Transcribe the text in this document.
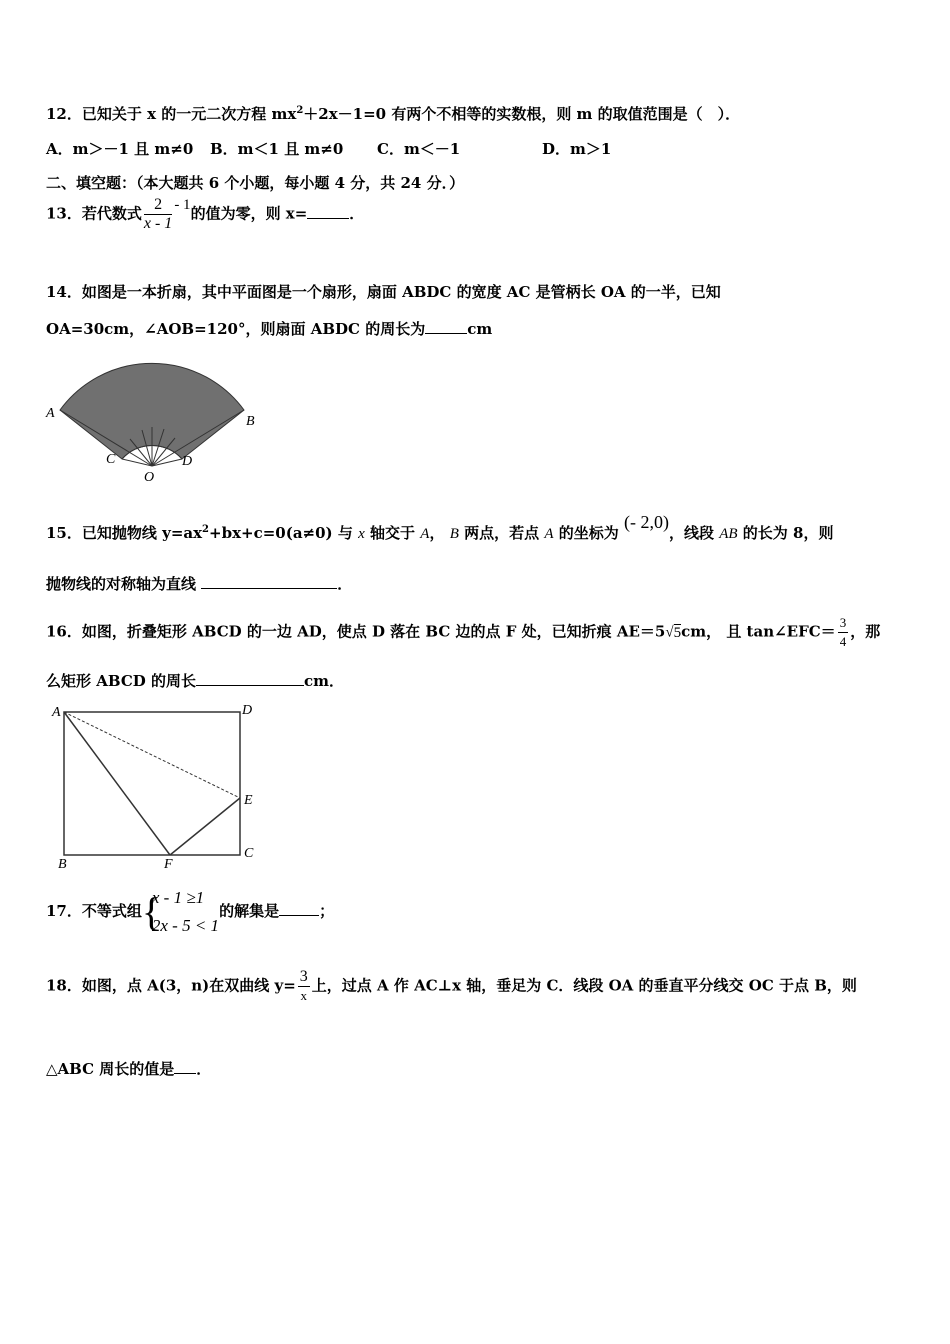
12．已知关于 x 的一元二次方程 $mx^2+2x-1=0$ 有两个不相等的实数根，则 m 的取值范围是（　）．
A．m＞－1 且 m≠0 B．m＜1 且 m≠0 C．m＜－1	D．m＞1
二、填空题：（本大题共 6 个小题，每小题 4 分，共 24 分．）
13．若代数式 $\frac{2}{x - 1} - 1$的值为零，则 x=	．
14．如图是一本折扇，其中平面图是一个扇形，扇面 ABDC 的宽度 AC 是管柄长 OA 的一半，已知
OA=30cm，∠AOB=120°，则扇面 ABDC 的周长为	cm
A
B
C	D
O
15．已知抛物线 $y=ax^2+bx+c=0(a\ne 0)$ 与 x 轴交于 A， B 两点，若点 A 的坐标为 (- 2,0)，线段 AB 的长为 8，则
抛物线的对称轴为直线	．
16．如图，折叠矩形 ABCD 的一边 AD，使点 D 落在 BC 边的点 F 处，已知折痕 AE＝5√5cm， 且 tan∠EFC＝ $\frac{3}{4}$ ，那
么矩形 ABCD 的周长	cm．
A	D
E
C
B	F
17．不等式组 {
x - 1 ≥1
2x - 5 < 1
的解集是	；
18．如图，点 A(3，n)在双曲线 $y= \frac{3}{x}$ 上，过点 A 作 AC⊥x 轴，垂足为 C．线段 OA 的垂直平分线交 OC 于点 B，则
△ABC 周长的值是 ．
